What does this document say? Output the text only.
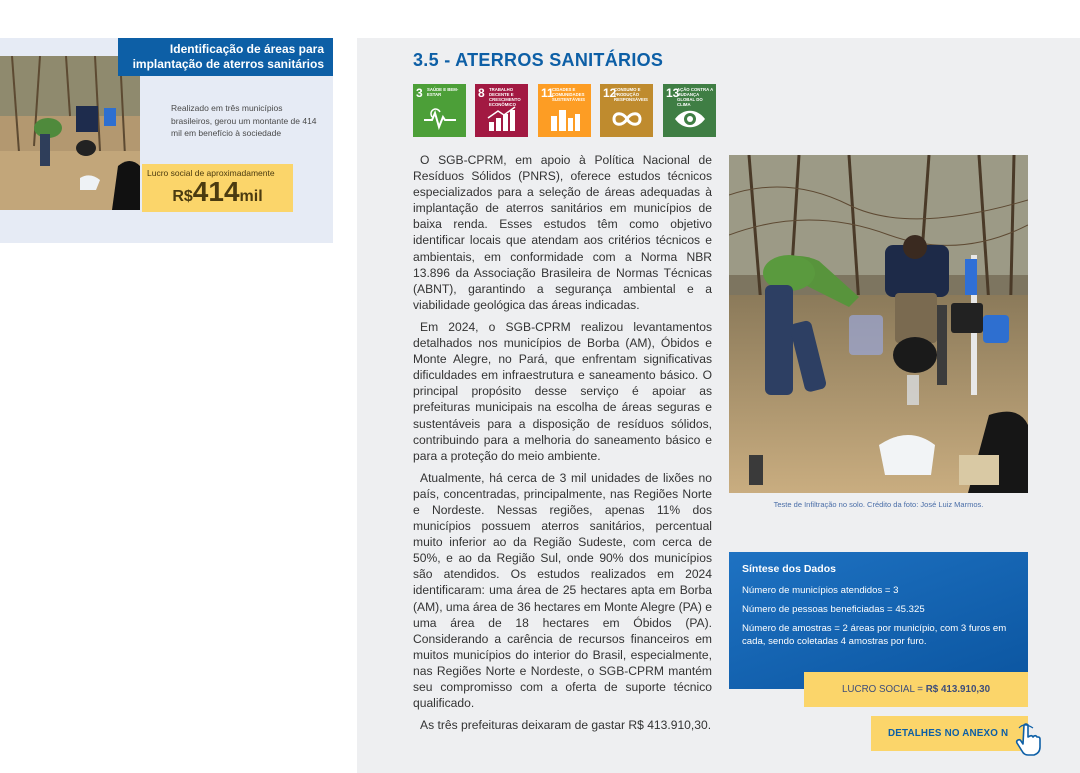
Identificação de áreas para implantação de aterros sanitários
Realizado em três municípios brasileiros, gerou um montante de 414 mil em benefício à sociedade
Lucro social de aproximadamente
R$414mil
3.5 - ATERROS SANITÁRIOS
3 SAÚDE E BEM-ESTAR	8 TRABALHO DECENTE E CRESCIMENTO ECONÔMICO
11
CIDADES E COMUNIDADES SUSTENTÁVEIS	12
CONSUMO E PRODUÇÃO RESPONSÁVEIS	13
AÇÃO CONTRA A MUDANÇA GLOBAL DO CLIMA

O SGB-CPRM, em apoio à Política Nacional de Resíduos Sólidos (PNRS), oferece estudos técnicos especializados para a seleção de áreas adequadas à implantação de aterros sanitários em municípios de baixa renda. Esses estudos têm como objetivo identificar locais que atendam aos critérios técnicos e ambientais, em conformidade com a Norma NBR 13.896 da Associação Brasileira de Normas Técnicas (ABNT), garantindo a segurança ambiental e a viabilidade geológica das áreas indicadas.

Em 2024, o SGB-CPRM realizou levantamentos detalhados nos municípios de Borba (AM), Óbidos e Monte Alegre, no Pará, que enfrentam significativas dificuldades em infraestrutura e saneamento básico. O principal propósito desse serviço é apoiar as prefeituras municipais na escolha de áreas seguras e sustentáveis para a disposição de resíduos sólidos, contribuindo para a melhoria do saneamento básico e para a proteção do meio ambiente.

Atualmente, há cerca de 3 mil unidades de lixões no país, concentradas, principalmente, nas Regiões Norte e Nordeste. Nessas regiões, apenas 11% dos municípios possuem aterros sanitários, percentual muito inferior ao da Região Sudeste, com cerca de 50%, e ao da Região Sul, onde 90% dos municípios são atendidos. Os estudos realizados em 2024 identificaram: uma área de 25 hectares apta em Borba (AM), uma área de 36 hectares em Monte Alegre (PA) e uma área de 18 hectares em Óbidos (PA). Considerando a carência de recursos financeiros em muitos municípios do interior do Brasil, especialmente, nas Regiões Norte e Nordeste, o SGB-CPRM mantém seu compromisso com a oferta de suporte técnico qualificado.

As três prefeituras deixaram de gastar R$ 413.910,30.

Teste de Infiltração no solo. Crédito da foto: José Luiz Marmos.
Síntese dos Dados
Número de municípios atendidos = 3
Número de pessoas beneficiadas = 45.325
Número de amostras = 2 áreas por município, com 3 furos em cada, sendo coletadas 4 amostras por furo.
LUCRO SOCIAL = R$ 413.910,30
DETALHES NO ANEXO N
